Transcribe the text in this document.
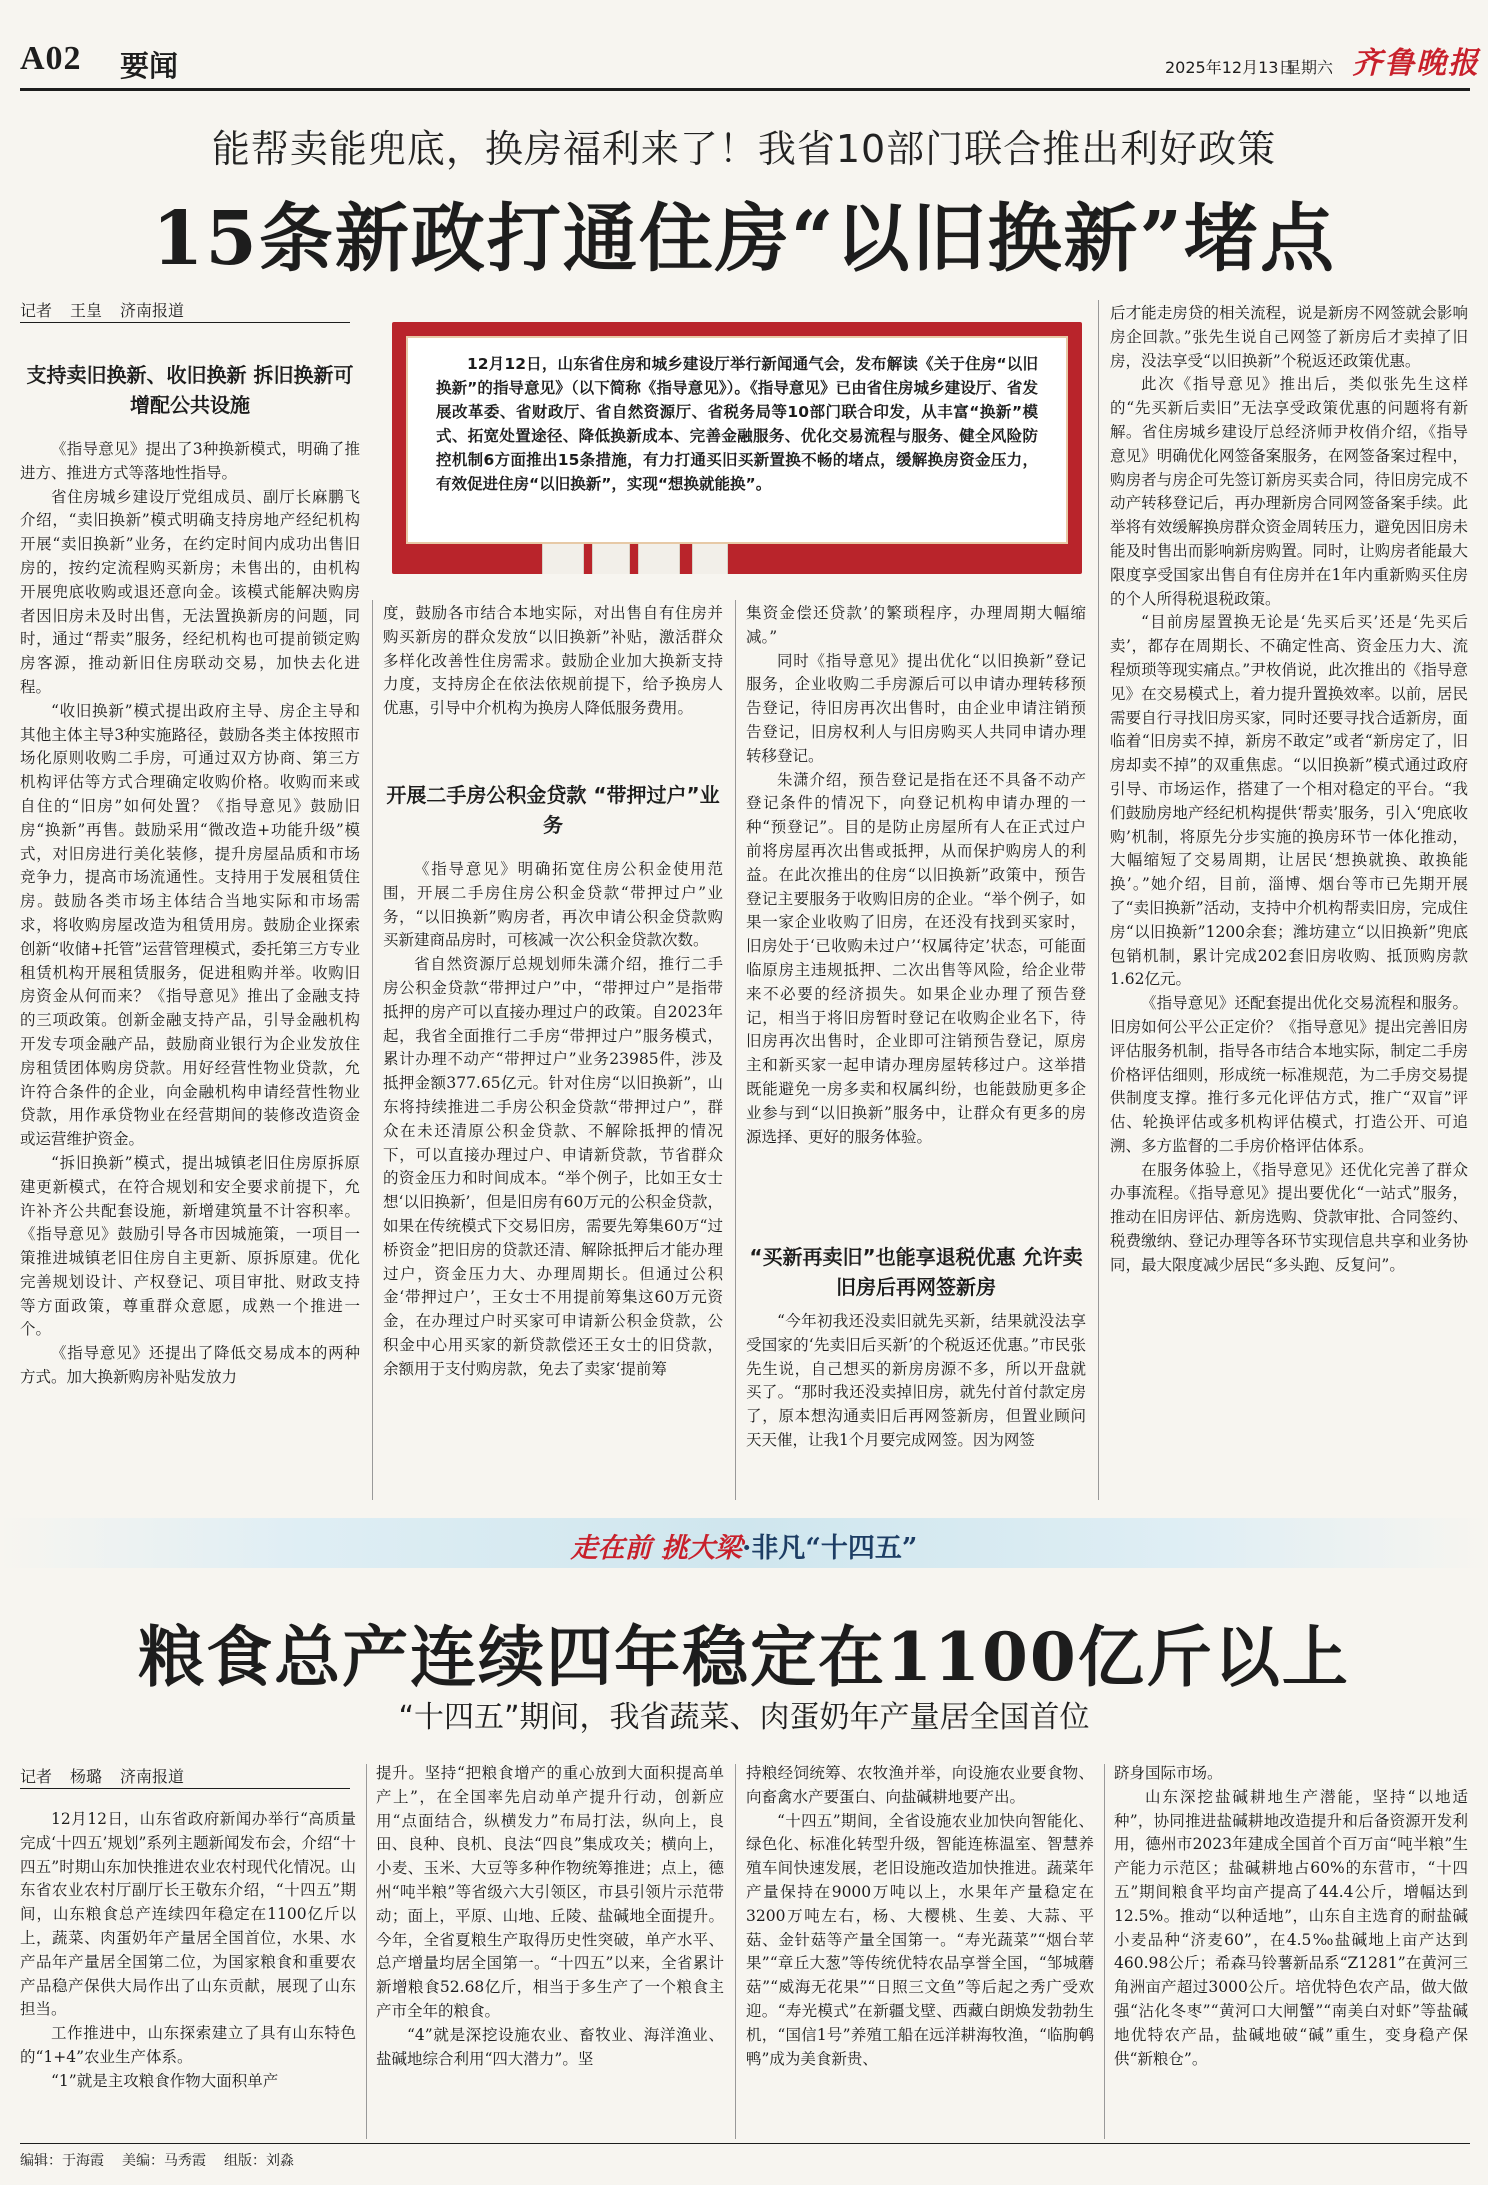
A02 要闻	2025年12月13日
星期六 齐鲁晚报
能帮卖能兜底，换房福利来了！我省10部门联合推出利好政策
15条新政打通住房“以旧换新”堵点
记者 王皇 济南报道
12月12日，山东省住房和城乡建设厅举行新闻通气会，发布解读《关于住房“以旧换新”的指导意见》（以下简称《指导意见》）。《指导意见》已由省住房城乡建设厅、省发展改革委、省财政厅、省自然资源厅、省税务局等10部门联合印发，从丰富“换新”模式、拓宽处置途径、降低换新成本、完善金融服务、优化交易流程与服务、健全风险防控机制6方面推出15条措施，有力打通买旧买新置换不畅的堵点，缓解换房资金压力，有效促进住房“以旧换新”，实现“想换就能换”。
支持卖旧换新、收旧换新 拆旧换新可增配公共设施

《指导意见》提出了3种换新模式，明确了推进方、推进方式等落地性指导。

省住房城乡建设厅党组成员、副厅长麻鹏飞介绍，“卖旧换新”模式明确支持房地产经纪机构开展“卖旧换新”业务，在约定时间内成功出售旧房的，按约定流程购买新房；未售出的，由机构开展兜底收购或退还意向金。该模式能解决购房者因旧房未及时出售，无法置换新房的问题，同时，通过“帮卖”服务，经纪机构也可提前锁定购房客源，推动新旧住房联动交易，加快去化进程。

“收旧换新”模式提出政府主导、房企主导和其他主体主导3种实施路径，鼓励各类主体按照市场化原则收购二手房，可通过双方协商、第三方机构评估等方式合理确定收购价格。收购而来或自住的“旧房”如何处置？《指导意见》鼓励旧房“换新”再售。鼓励采用“微改造+功能升级”模式，对旧房进行美化装修，提升房屋品质和市场竞争力，提高市场流通性。支持用于发展租赁住房。鼓励各类市场主体结合当地实际和市场需求，将收购房屋改造为租赁用房。鼓励企业探索创新“收储+托管”运营管理模式，委托第三方专业租赁机构开展租赁服务，促进租购并举。收购旧房资金从何而来？《指导意见》推出了金融支持的三项政策。创新金融支持产品，引导金融机构开发专项金融产品，鼓励商业银行为企业发放住房租赁团体购房贷款。用好经营性物业贷款，允许符合条件的企业，向金融机构申请经营性物业贷款，用作承贷物业在经营期间的装修改造资金或运营维护资金。

“拆旧换新”模式，提出城镇老旧住房原拆原建更新模式，在符合规划和安全要求前提下，允许补齐公共配套设施，新增建筑量不计容积率。《指导意见》鼓励引导各市因城施策，一项目一策推进城镇老旧住房自主更新、原拆原建。优化完善规划设计、产权登记、项目审批、财政支持等方面政策，尊重群众意愿，成熟一个推进一个。

《指导意见》还提出了降低交易成本的两种方式。加大换新购房补贴发放力

度，鼓励各市结合本地实际，对出售自有住房并购买新房的群众发放“以旧换新”补贴，激活群众多样化改善性住房需求。鼓励企业加大换新支持力度，支持房企在依法依规前提下，给予换房人优惠，引导中介机构为换房人降低服务费用。

开展二手房公积金贷款 “带押过户”业务

《指导意见》明确拓宽住房公积金使用范围，开展二手房住房公积金贷款“带押过户”业务，“以旧换新”购房者，再次申请公积金贷款购买新建商品房时，可核减一次公积金贷款次数。

省自然资源厅总规划师朱潇介绍，推行二手房公积金贷款“带押过户”中，“带押过户”是指带抵押的房产可以直接办理过户的政策。自2023年起，我省全面推行二手房“带押过户”服务模式，累计办理不动产“带押过户”业务23985件，涉及抵押金额377.65亿元。针对住房“以旧换新”，山东将持续推进二手房公积金贷款“带押过户”，群众在未还清原公积金贷款、不解除抵押的情况下，可以直接办理过户、申请新贷款，节省群众的资金压力和时间成本。“举个例子，比如王女士想‘以旧换新’，但是旧房有60万元的公积金贷款，如果在传统模式下交易旧房，需要先筹集60万“过桥资金”把旧房的贷款还清、解除抵押后才能办理过户，资金压力大、办理周期长。但通过公积金‘带押过户’，王女士不用提前筹集这60万元资金，在办理过户时买家可申请新公积金贷款，公积金中心用买家的新贷款偿还王女士的旧贷款，余额用于支付购房款，免去了卖家‘提前筹

集资金偿还贷款’的繁琐程序，办理周期大幅缩减。”

同时《指导意见》提出优化“以旧换新”登记服务，企业收购二手房源后可以申请办理转移预告登记，待旧房再次出售时，由企业申请注销预告登记，旧房权利人与旧房购买人共同申请办理转移登记。

朱潇介绍，预告登记是指在还不具备不动产登记条件的情况下，向登记机构申请办理的一种“预登记”。目的是防止房屋所有人在正式过户前将房屋再次出售或抵押，从而保护购房人的利益。在此次推出的住房“以旧换新”政策中，预告登记主要服务于收购旧房的企业。“举个例子，如果一家企业收购了旧房，在还没有找到买家时，旧房处于‘已收购未过户’‘权属待定’状态，可能面临原房主违规抵押、二次出售等风险，给企业带来不必要的经济损失。如果企业办理了预告登记，相当于将旧房暂时登记在收购企业名下，待旧房再次出售时，企业即可注销预告登记，原房主和新买家一起申请办理房屋转移过户。这举措既能避免一房多卖和权属纠纷，也能鼓励更多企业参与到“以旧换新”服务中，让群众有更多的房源选择、更好的服务体验。

“买新再卖旧”也能享退税优惠 允许卖旧房后再网签新房

“今年初我还没卖旧就先买新，结果就没法享受国家的‘先卖旧后买新’的个税返还优惠。”市民张先生说，自己想买的新房房源不多，所以开盘就买了。“那时我还没卖掉旧房，就先付首付款定房了，原本想沟通卖旧后再网签新房，但置业顾问天天催，让我1个月要完成网签。因为网签

后才能走房贷的相关流程，说是新房不网签就会影响房企回款。”张先生说自己网签了新房后才卖掉了旧房，没法享受“以旧换新”个税返还政策优惠。

此次《指导意见》推出后，类似张先生这样的“先买新后卖旧”无法享受政策优惠的问题将有新解。省住房城乡建设厅总经济师尹枚俏介绍，《指导意见》明确优化网签备案服务，在网签备案过程中，购房者与房企可先签订新房买卖合同，待旧房完成不动产转移登记后，再办理新房合同网签备案手续。此举将有效缓解换房群众资金周转压力，避免因旧房未能及时售出而影响新房购置。同时，让购房者能最大限度享受国家出售自有住房并在1年内重新购买住房的个人所得税退税政策。

“目前房屋置换无论是‘先买后买’还是‘先买后卖’，都存在周期长、不确定性高、资金压力大、流程烦琐等现实痛点。”尹枚俏说，此次推出的《指导意见》在交易模式上，着力提升置换效率。以前，居民需要自行寻找旧房买家，同时还要寻找合适新房，面临着“旧房卖不掉，新房不敢定”或者“新房定了，旧房却卖不掉”的双重焦虑。“以旧换新”模式通过政府引导、市场运作，搭建了一个相对稳定的平台。“我们鼓励房地产经纪机构提供‘帮卖’服务，引入‘兜底收购’机制，将原先分步实施的换房环节一体化推动，大幅缩短了交易周期，让居民‘想换就换、敢换能换’。”她介绍，目前，淄博、烟台等市已先期开展了“卖旧换新”活动，支持中介机构帮卖旧房，完成住房“以旧换新”1200余套；潍坊建立“以旧换新”兜底包销机制，累计完成202套旧房收购、抵顶购房款1.62亿元。

《指导意见》还配套提出优化交易流程和服务。旧房如何公平公正定价？《指导意见》提出完善旧房评估服务机制，指导各市结合本地实际，制定二手房价格评估细则，形成统一标准规范，为二手房交易提供制度支撑。推行多元化评估方式，推广“双盲”评估、轮换评估或多机构评估模式，打造公开、可追溯、多方监督的二手房价格评估体系。

在服务体验上，《指导意见》还优化完善了群众办事流程。《指导意见》提出要优化“一站式”服务，推动在旧房评估、新房选购、贷款审批、合同签约、税费缴纳、登记办理等各环节实现信息共享和业务协同，最大限度减少居民“多头跑、反复问”。

走在前 挑大梁·非凡“十四五”
粮食总产连续四年稳定在1100亿斤以上
“十四五”期间，我省蔬菜、肉蛋奶年产量居全国首位
记者 杨璐 济南报道

12月12日，山东省政府新闻办举行“高质量完成‘十四五’规划”系列主题新闻发布会，介绍“十四五”时期山东加快推进农业农村现代化情况。山东省农业农村厅副厅长王敬东介绍，“十四五”期间，山东粮食总产连续四年稳定在1100亿斤以上，蔬菜、肉蛋奶年产量居全国首位，水果、水产品年产量居全国第二位，为国家粮食和重要农产品稳产保供大局作出了山东贡献，展现了山东担当。

工作推进中，山东探索建立了具有山东特色的“1+4”农业生产体系。

“1”就是主攻粮食作物大面积单产

提升。坚持“把粮食增产的重心放到大面积提高单产上”，在全国率先启动单产提升行动，创新应用“点面结合，纵横发力”布局打法，纵向上，良田、良种、良机、良法“四良”集成攻关；横向上，小麦、玉米、大豆等多种作物统筹推进；点上，德州“吨半粮”等省级六大引领区，市县引领片示范带动；面上，平原、山地、丘陵、盐碱地全面提升。今年，全省夏粮生产取得历史性突破，单产水平、总产增量均居全国第一。“十四五”以来，全省累计新增粮食52.68亿斤，相当于多生产了一个粮食主产市全年的粮食。

“4”就是深挖设施农业、畜牧业、海洋渔业、盐碱地综合利用“四大潜力”。坚

持粮经饲统筹、农牧渔并举，向设施农业要食物、向畜禽水产要蛋白、向盐碱耕地要产出。

“十四五”期间，全省设施农业加快向智能化、绿色化、标准化转型升级，智能连栋温室、智慧养殖车间快速发展，老旧设施改造加快推进。蔬菜年产量保持在9000万吨以上，水果年产量稳定在3200万吨左右，杨、大樱桃、生姜、大蒜、平菇、金针菇等产量全国第一。“寿光蔬菜”“烟台苹果”“章丘大葱”等传统优特农品享誉全国，“邹城蘑菇”“威海无花果”“日照三文鱼”等后起之秀广受欢迎。“寿光模式”在新疆戈壁、西藏白朗焕发勃勃生机，“国信1号”养殖工船在远洋耕海牧渔，“临朐鹌鸭”成为美食新贵、

跻身国际市场。

山东深挖盐碱耕地生产潜能，坚持“以地适种”，协同推进盐碱耕地改造提升和后备资源开发利用，德州市2023年建成全国首个百万亩“吨半粮”生产能力示范区；盐碱耕地占60%的东营市，“十四五”期间粮食平均亩产提高了44.4公斤，增幅达到12.5%。推动“以种适地”，山东自主选育的耐盐碱小麦品种“济麦60”，在4.5‰盐碱地上亩产达到460.98公斤；希森马铃薯新品系“Z1281”在黄河三角洲亩产超过3000公斤。培优特色农产品，做大做强“沾化冬枣”“黄河口大闸蟹”“南美白对虾”等盐碱地优特农产品，盐碱地破“碱”重生，变身稳产保供“新粮仓”。

编辑：于海霞 美编：马秀霞 组版：刘淼
